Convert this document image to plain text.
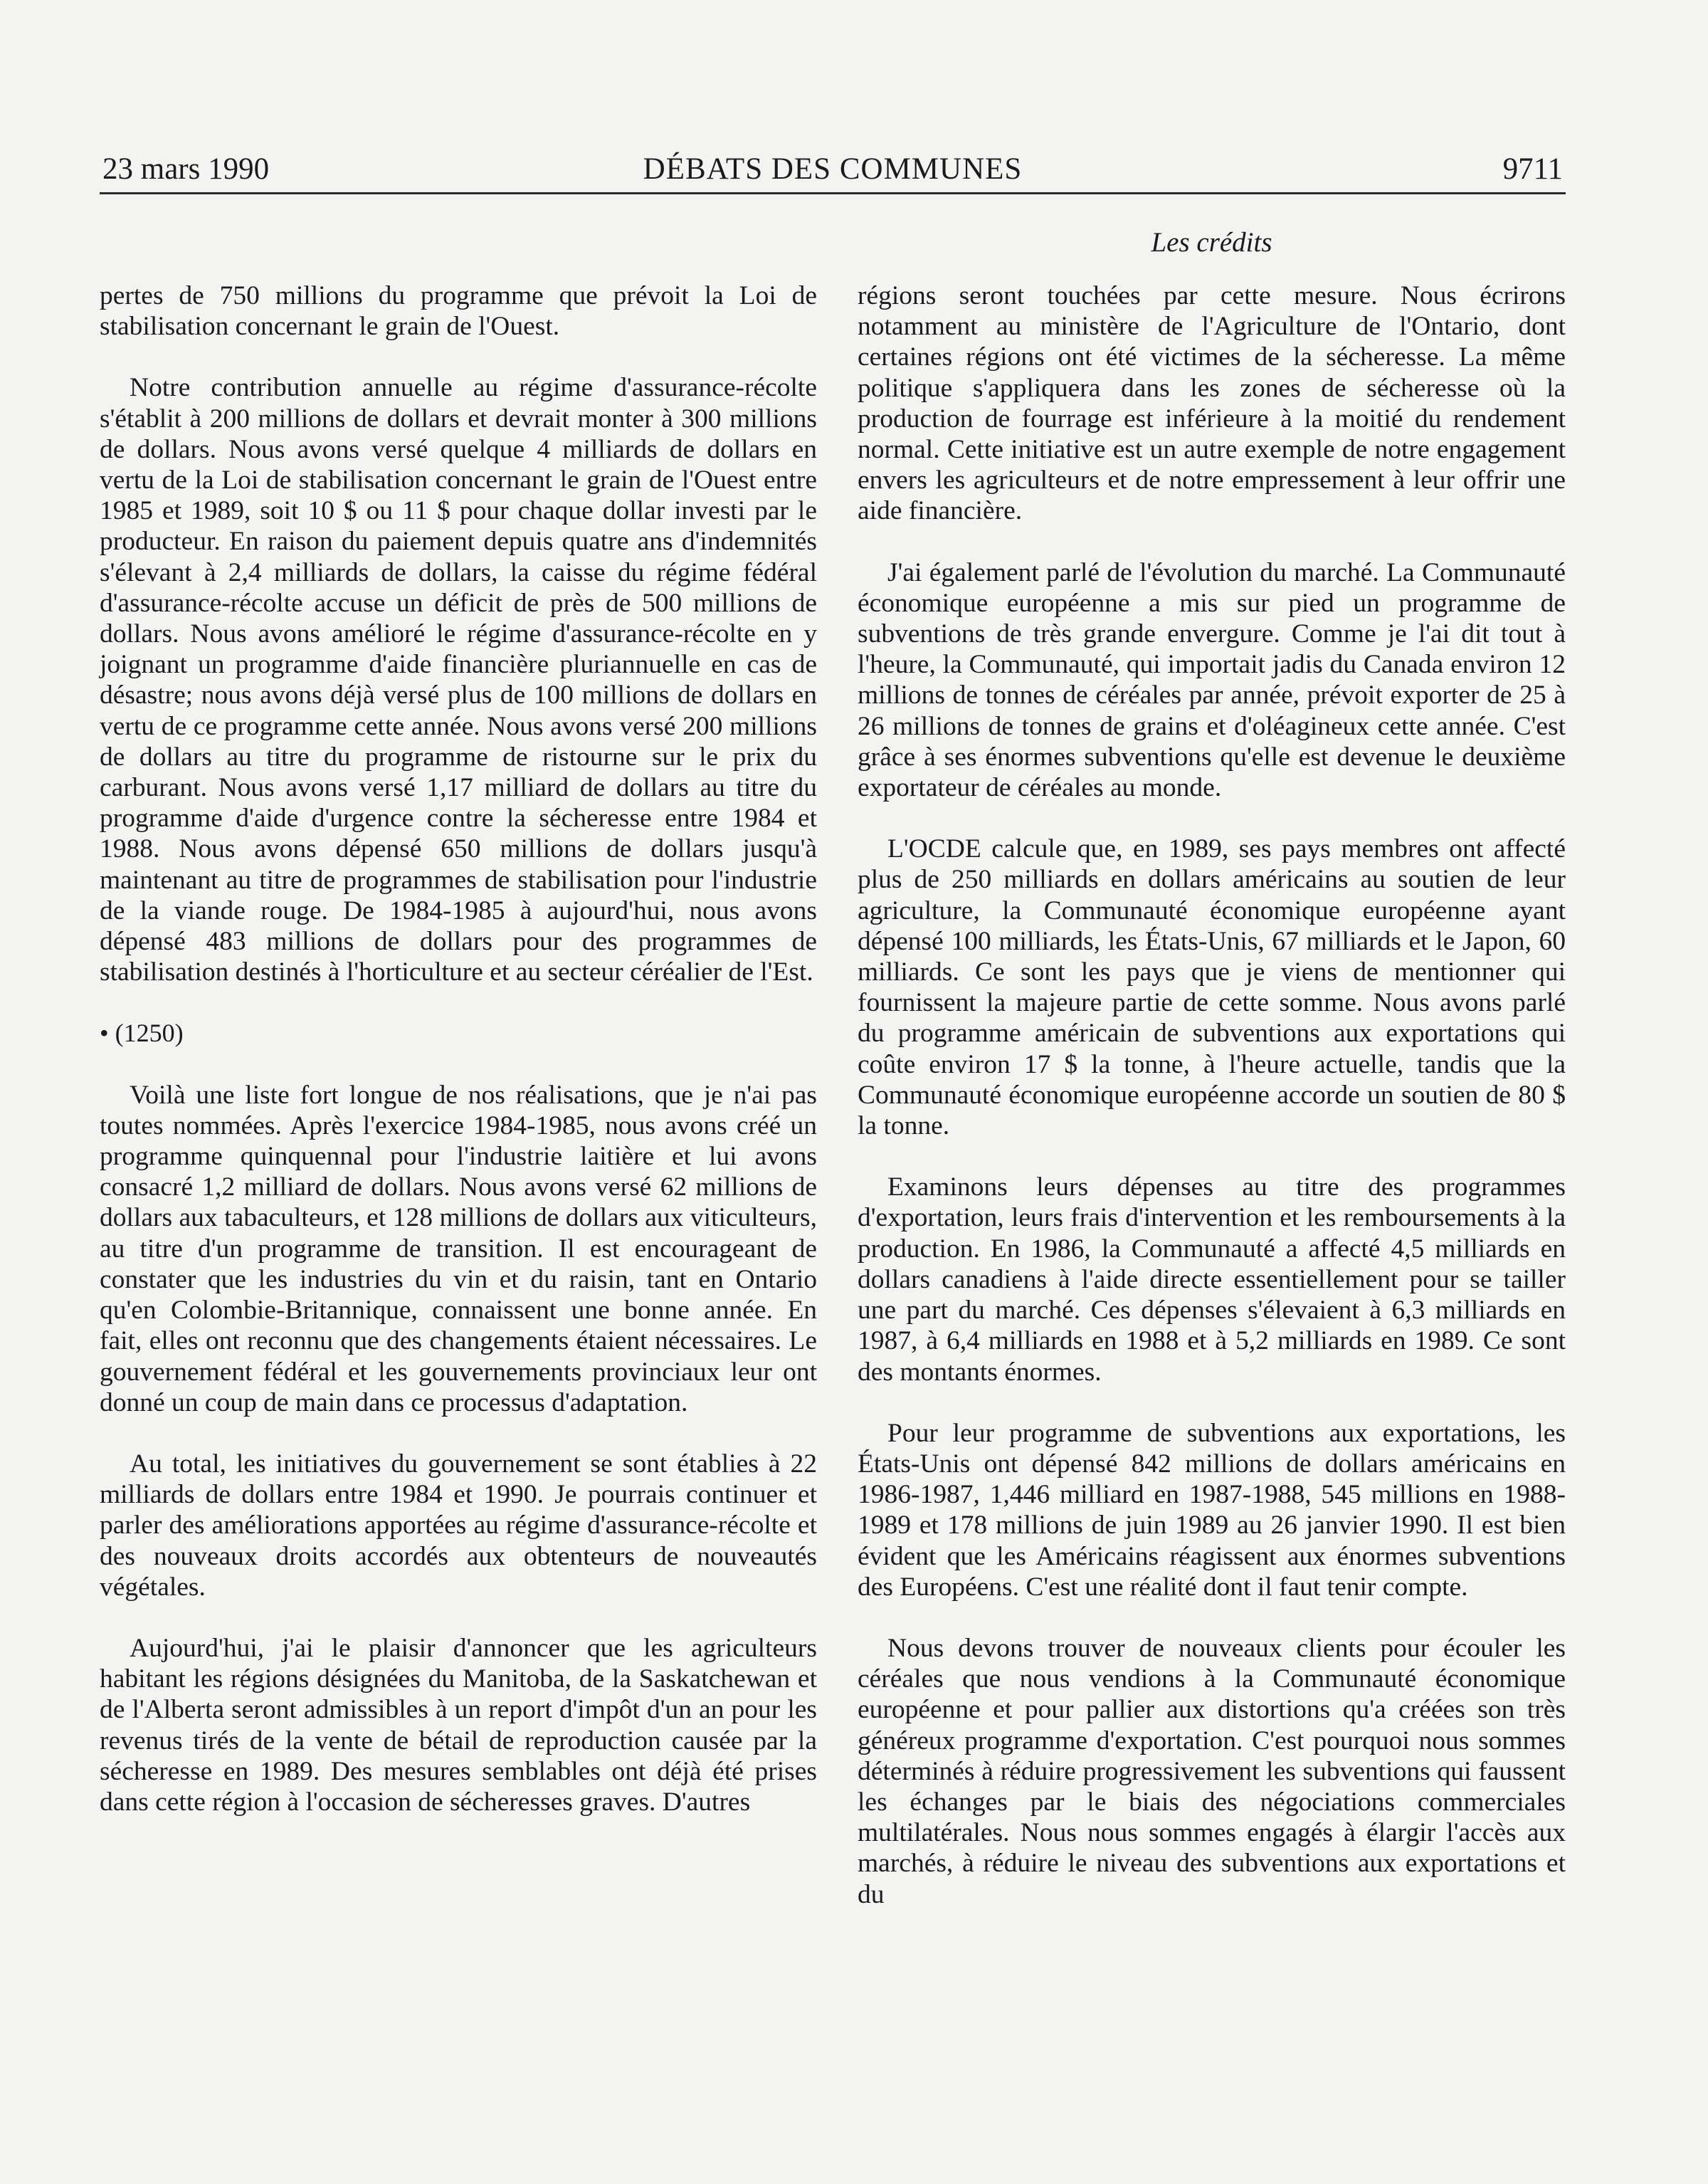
23 mars 1990	DÉBATS DES COMMUNES	9711
Les crédits

pertes de 750 millions du programme que prévoit la Loi de stabilisation concernant le grain de l'Ouest.

Notre contribution annuelle au régime d'assurance-récolte s'établit à 200 millions de dollars et devrait monter à 300 millions de dollars. Nous avons versé quelque 4 milliards de dollars en vertu de la Loi de stabilisation concernant le grain de l'Ouest entre 1985 et 1989, soit 10 $ ou 11 $ pour chaque dollar investi par le producteur. En raison du paiement depuis quatre ans d'indemnités s'élevant à 2,4 milliards de dollars, la caisse du régime fédéral d'assurance-récolte accuse un déficit de près de 500 millions de dollars. Nous avons amélioré le régime d'assurance-récolte en y joignant un programme d'aide financière pluriannuelle en cas de désastre; nous avons déjà versé plus de 100 millions de dollars en vertu de ce programme cette année. Nous avons versé 200 millions de dollars au titre du programme de ristourne sur le prix du carburant. Nous avons versé 1,17 milliard de dollars au titre du programme d'aide d'urgence contre la sécheresse entre 1984 et 1988. Nous avons dépensé 650 millions de dollars jusqu'à maintenant au titre de programmes de stabilisation pour l'industrie de la viande rouge. De 1984-1985 à aujourd'hui, nous avons dépensé 483 millions de dollars pour des programmes de stabilisation destinés à l'horticulture et au secteur céréalier de l'Est.

• (1250)

Voilà une liste fort longue de nos réalisations, que je n'ai pas toutes nommées. Après l'exercice 1984-1985, nous avons créé un programme quinquennal pour l'industrie laitière et lui avons consacré 1,2 milliard de dollars. Nous avons versé 62 millions de dollars aux tabaculteurs, et 128 millions de dollars aux viticulteurs, au titre d'un programme de transition. Il est encourageant de constater que les industries du vin et du raisin, tant en Ontario qu'en Colombie-Britannique, connaissent une bonne année. En fait, elles ont reconnu que des changements étaient nécessaires. Le gouvernement fédéral et les gouvernements provinciaux leur ont donné un coup de main dans ce processus d'adaptation.

Au total, les initiatives du gouvernement se sont établies à 22 milliards de dollars entre 1984 et 1990. Je pourrais continuer et parler des améliorations apportées au régime d'assurance-récolte et des nouveaux droits accordés aux obtenteurs de nouveautés végétales.

Aujourd'hui, j'ai le plaisir d'annoncer que les agriculteurs habitant les régions désignées du Manitoba, de la Saskatchewan et de l'Alberta seront admissibles à un report d'impôt d'un an pour les revenus tirés de la vente de bétail de reproduction causée par la sécheresse en 1989. Des mesures semblables ont déjà été prises dans cette région à l'occasion de sécheresses graves. D'autres

régions seront touchées par cette mesure. Nous écrirons notamment au ministère de l'Agriculture de l'Ontario, dont certaines régions ont été victimes de la sécheresse. La même politique s'appliquera dans les zones de sécheresse où la production de fourrage est inférieure à la moitié du rendement normal. Cette initiative est un autre exemple de notre engagement envers les agriculteurs et de notre empressement à leur offrir une aide financière.

J'ai également parlé de l'évolution du marché. La Communauté économique européenne a mis sur pied un programme de subventions de très grande envergure. Comme je l'ai dit tout à l'heure, la Communauté, qui importait jadis du Canada environ 12 millions de tonnes de céréales par année, prévoit exporter de 25 à 26 millions de tonnes de grains et d'oléagineux cette année. C'est grâce à ses énormes subventions qu'elle est devenue le deuxième exportateur de céréales au monde.

L'OCDE calcule que, en 1989, ses pays membres ont affecté plus de 250 milliards en dollars américains au soutien de leur agriculture, la Communauté économique européenne ayant dépensé 100 milliards, les États-Unis, 67 milliards et le Japon, 60 milliards. Ce sont les pays que je viens de mentionner qui fournissent la majeure partie de cette somme. Nous avons parlé du programme américain de subventions aux exportations qui coûte environ 17 $ la tonne, à l'heure actuelle, tandis que la Communauté économique européenne accorde un soutien de 80 $ la tonne.

Examinons leurs dépenses au titre des programmes d'exportation, leurs frais d'intervention et les remboursements à la production. En 1986, la Communauté a affecté 4,5 milliards en dollars canadiens à l'aide directe essentiellement pour se tailler une part du marché. Ces dépenses s'élevaient à 6,3 milliards en 1987, à 6,4 milliards en 1988 et à 5,2 milliards en 1989. Ce sont des montants énormes.

Pour leur programme de subventions aux exportations, les États-Unis ont dépensé 842 millions de dollars américains en 1986-1987, 1,446 milliard en 1987-1988, 545 millions en 1988-1989 et 178 millions de juin 1989 au 26 janvier 1990. Il est bien évident que les Américains réagissent aux énormes subventions des Européens. C'est une réalité dont il faut tenir compte.

Nous devons trouver de nouveaux clients pour écouler les céréales que nous vendions à la Communauté économique européenne et pour pallier aux distortions qu'a créées son très généreux programme d'exportation. C'est pourquoi nous sommes déterminés à réduire progressivement les subventions qui faussent les échanges par le biais des négociations commerciales multilatérales. Nous nous sommes engagés à élargir l'accès aux marchés, à réduire le niveau des subventions aux exportations et du
